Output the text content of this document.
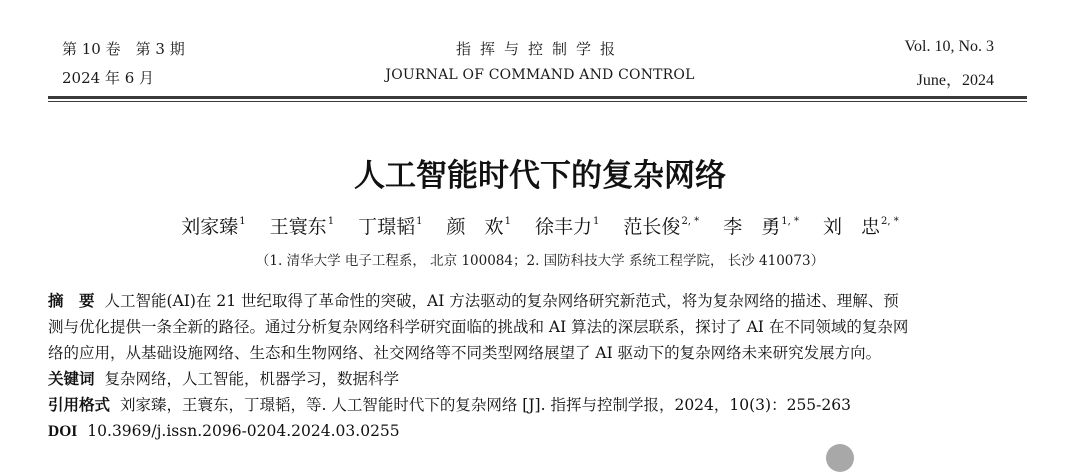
第 10 卷　第 3 期
2024 年 6 月
指挥与控制学报
JOURNAL OF COMMAND AND CONTROL
Vol. 10, No. 3
June，2024
人工智能时代下的复杂网络
刘家臻$^1$ 王寰东$^1$ 丁璟韬$^1$ 颜　欢$^1$ 徐丰力$^1$ 范长俊$^{2, *}$ 李　勇$^{1, *}$ 刘　忠$^{2, *}$
（1. 清华大学 电子工程系， 北京 100084；2. 国防科技大学 系统工程学院， 长沙 410073）
摘　要 人工智能(AI)在 21 世纪取得了革命性的突破，AI 方法驱动的复杂网络研究新范式，将为复杂网络的描述、理解、预
测与优化提供一条全新的路径。通过分析复杂网络科学研究面临的挑战和 AI 算法的深层联系，探讨了 AI 在不同领域的复杂网
络的应用，从基础设施网络、生态和生物网络、社交网络等不同类型网络展望了 AI 驱动下的复杂网络未来研究发展方向。
关键词 复杂网络，人工智能，机器学习，数据科学
引用格式 刘家臻，王寰东，丁璟韬，等. 人工智能时代下的复杂网络 [J]. 指挥与控制学报，2024，10(3)：255-263
DOI 10.3969/j.issn.2096-0204.2024.03.0255
